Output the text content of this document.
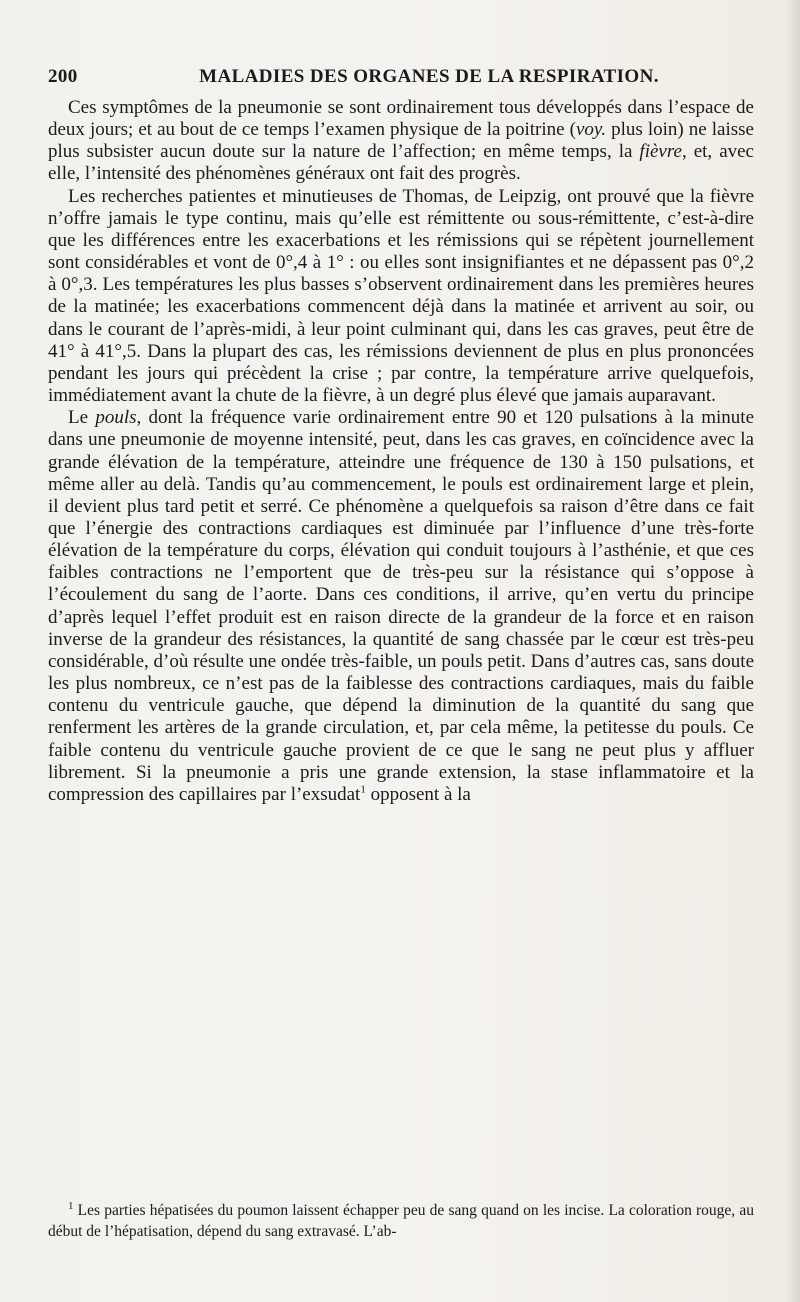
200	MALADIES DES ORGANES DE LA RESPIRATION.

Ces symptômes de la pneumonie se sont ordinairement tous développés dans l’espace de deux jours; et au bout de ce temps l’examen physique de la poitrine (voy. plus loin) ne laisse plus subsister aucun doute sur la nature de l’affection; en même temps, la fièvre, et, avec elle, l’intensité des phénomènes généraux ont fait des progrès.

Les recherches patientes et minutieuses de Thomas, de Leipzig, ont prouvé que la fièvre n’offre jamais le type continu, mais qu’elle est rémittente ou sous-rémittente, c’est-à-dire que les différences entre les exacerbations et les rémissions qui se répètent journellement sont considérables et vont de 0°,4 à 1° : ou elles sont insignifiantes et ne dépassent pas 0°,2 à 0°,3. Les températures les plus basses s’observent ordinairement dans les premières heures de la matinée; les exacerbations commencent déjà dans la matinée et arrivent au soir, ou dans le courant de l’après-midi, à leur point culminant qui, dans les cas graves, peut être de 41° à 41°,5. Dans la plupart des cas, les rémissions deviennent de plus en plus prononcées pendant les jours qui précèdent la crise ; par contre, la température arrive quelquefois, immédiatement avant la chute de la fièvre, à un degré plus élevé que jamais auparavant.

Le pouls, dont la fréquence varie ordinairement entre 90 et 120 pulsations à la minute dans une pneumonie de moyenne intensité, peut, dans les cas graves, en coïncidence avec la grande élévation de la température, atteindre une fréquence de 130 à 150 pulsations, et même aller au delà. Tandis qu’au commencement, le pouls est ordinairement large et plein, il devient plus tard petit et serré. Ce phénomène a quelquefois sa raison d’être dans ce fait que l’énergie des contractions cardiaques est diminuée par l’influence d’une très-forte élévation de la température du corps, élévation qui conduit toujours à l’asthénie, et que ces faibles contractions ne l’emportent que de très-peu sur la résistance qui s’oppose à l’écoulement du sang de l’aorte. Dans ces conditions, il arrive, qu’en vertu du principe d’après lequel l’effet produit est en raison directe de la grandeur de la force et en raison inverse de la grandeur des résistances, la quantité de sang chassée par le cœur est très-peu considérable, d’où résulte une ondée très-faible, un pouls petit. Dans d’autres cas, sans doute les plus nombreux, ce n’est pas de la faiblesse des contractions cardiaques, mais du faible contenu du ventricule gauche, que dépend la diminution de la quantité du sang que renferment les artères de la grande circulation, et, par cela même, la petitesse du pouls. Ce faible contenu du ventricule gauche provient de ce que le sang ne peut plus y affluer librement. Si la pneumonie a pris une grande extension, la stase inflammatoire et la compression des capillaires par l’exsudat$^1$ opposent à la

$^1$ Les parties hépatisées du poumon laissent échapper peu de sang quand on les incise. La coloration rouge, au début de l’hépatisation, dépend du sang extravasé. L’ab-
